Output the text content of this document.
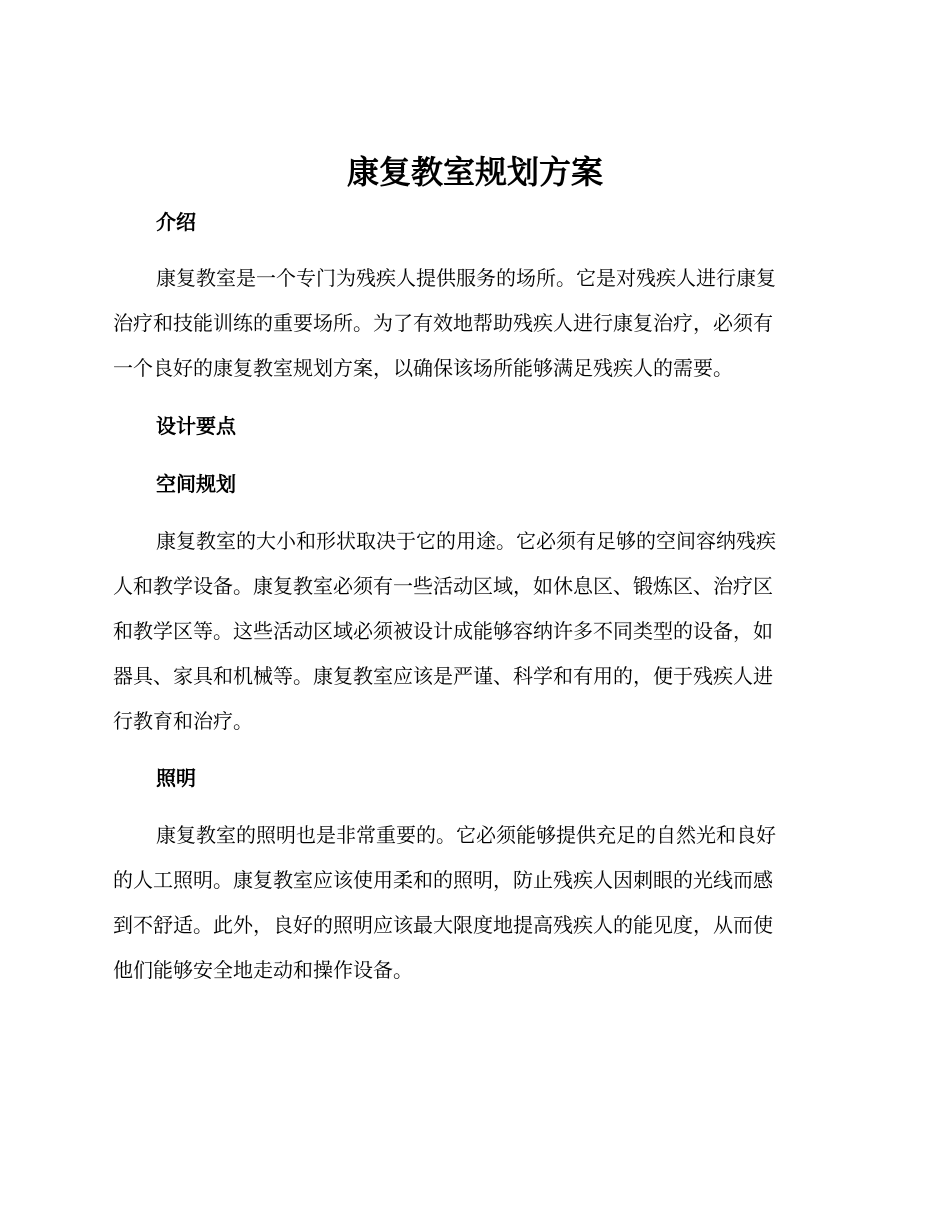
康复教室规划方案
介绍

康复教室是一个专门为残疾人提供服务的场所。它是对残疾人进行康复
治疗和技能训练的重要场所。为了有效地帮助残疾人进行康复治疗，必须有
一个良好的康复教室规划方案，以确保该场所能够满足残疾人的需要。

设计要点
空间规划

康复教室的大小和形状取决于它的用途。它必须有足够的空间容纳残疾
人和教学设备。康复教室必须有一些活动区域，如休息区、锻炼区、治疗区
和教学区等。这些活动区域必须被设计成能够容纳许多不同类型的设备，如
器具、家具和机械等。康复教室应该是严谨、科学和有用的，便于残疾人进
行教育和治疗。

照明

康复教室的照明也是非常重要的。它必须能够提供充足的自然光和良好
的人工照明。康复教室应该使用柔和的照明，防止残疾人因刺眼的光线而感
到不舒适。此外，良好的照明应该最大限度地提高残疾人的能见度，从而使
他们能够安全地走动和操作设备。
